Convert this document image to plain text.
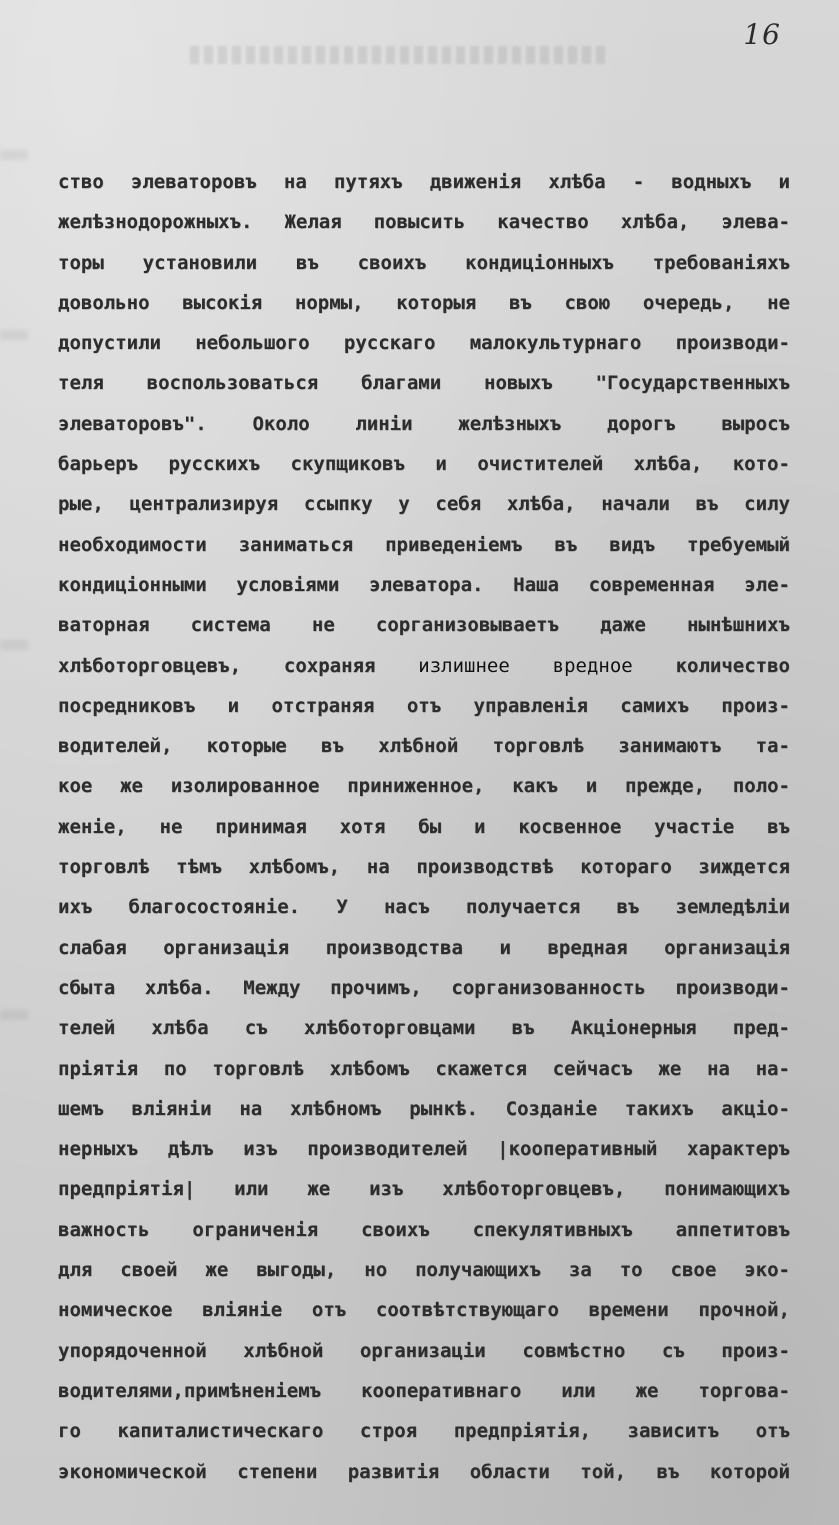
16
ство элеваторовъ на путяхъ движенія хлѣба - водныхъ и
желѣзнодорожныхъ. Желая повысить качество хлѣба, элева-
торы установили въ своихъ кондиціонныхъ требованіяхъ
довольно высокія нормы, которыя въ свою очередь, не
допустили небольшого русскаго малокультурнаго производи-
теля воспользоваться благами новыхъ "Государственныхъ
элеваторовъ". Около линіи желѣзныхъ дорогъ выросъ
барьеръ русскихъ скупщиковъ и очистителей хлѣба, кото-
рые, централизируя ссыпку у себя хлѣба, начали въ силу
необходимости заниматься приведеніемъ въ видъ требуемый
кондиціонными условіями элеватора. Наша современная эле-
ваторная система не сорганизовываетъ даже нынѣшнихъ
хлѣботорговцевъ, сохраняя излишнее вредное количество
посредниковъ и отстраняя отъ управленія самихъ произ-
водителей, которые въ хлѣбной торговлѣ занимаютъ та-
кое же изолированное приниженное, какъ и прежде, поло-
женіе, не принимая хотя бы и косвенное участіе въ
торговлѣ тѣмъ хлѣбомъ, на производствѣ котораго зиждется
ихъ благосостояніе. У насъ получается въ земледѣліи
слабая организація производства и вредная организація
сбыта хлѣба. Между прочимъ, сорганизованность производи-
телей хлѣба съ хлѣботорговцами въ Акціонерныя пред-
пріятія по торговлѣ хлѣбомъ скажется сейчасъ же на на-
шемъ вліяніи на хлѣбномъ рынкѣ. Созданіе такихъ акціо-
нерныхъ дѣлъ изъ производителей |кооперативный характеръ
предпріятія| или же изъ хлѣботорговцевъ, понимающихъ
важность ограниченія своихъ спекулятивныхъ аппетитовъ
для своей же выгоды, но получающихъ за то свое эко-
номическое вліяніе отъ соотвѣтствующаго времени прочной,
упорядоченной хлѣбной организаціи совмѣстно съ произ-
водителями,примѣненіемъ кооперативнаго или же торгова-
го капиталистическаго строя предпріятія, зависитъ отъ
экономической степени развитія области той, въ которой
